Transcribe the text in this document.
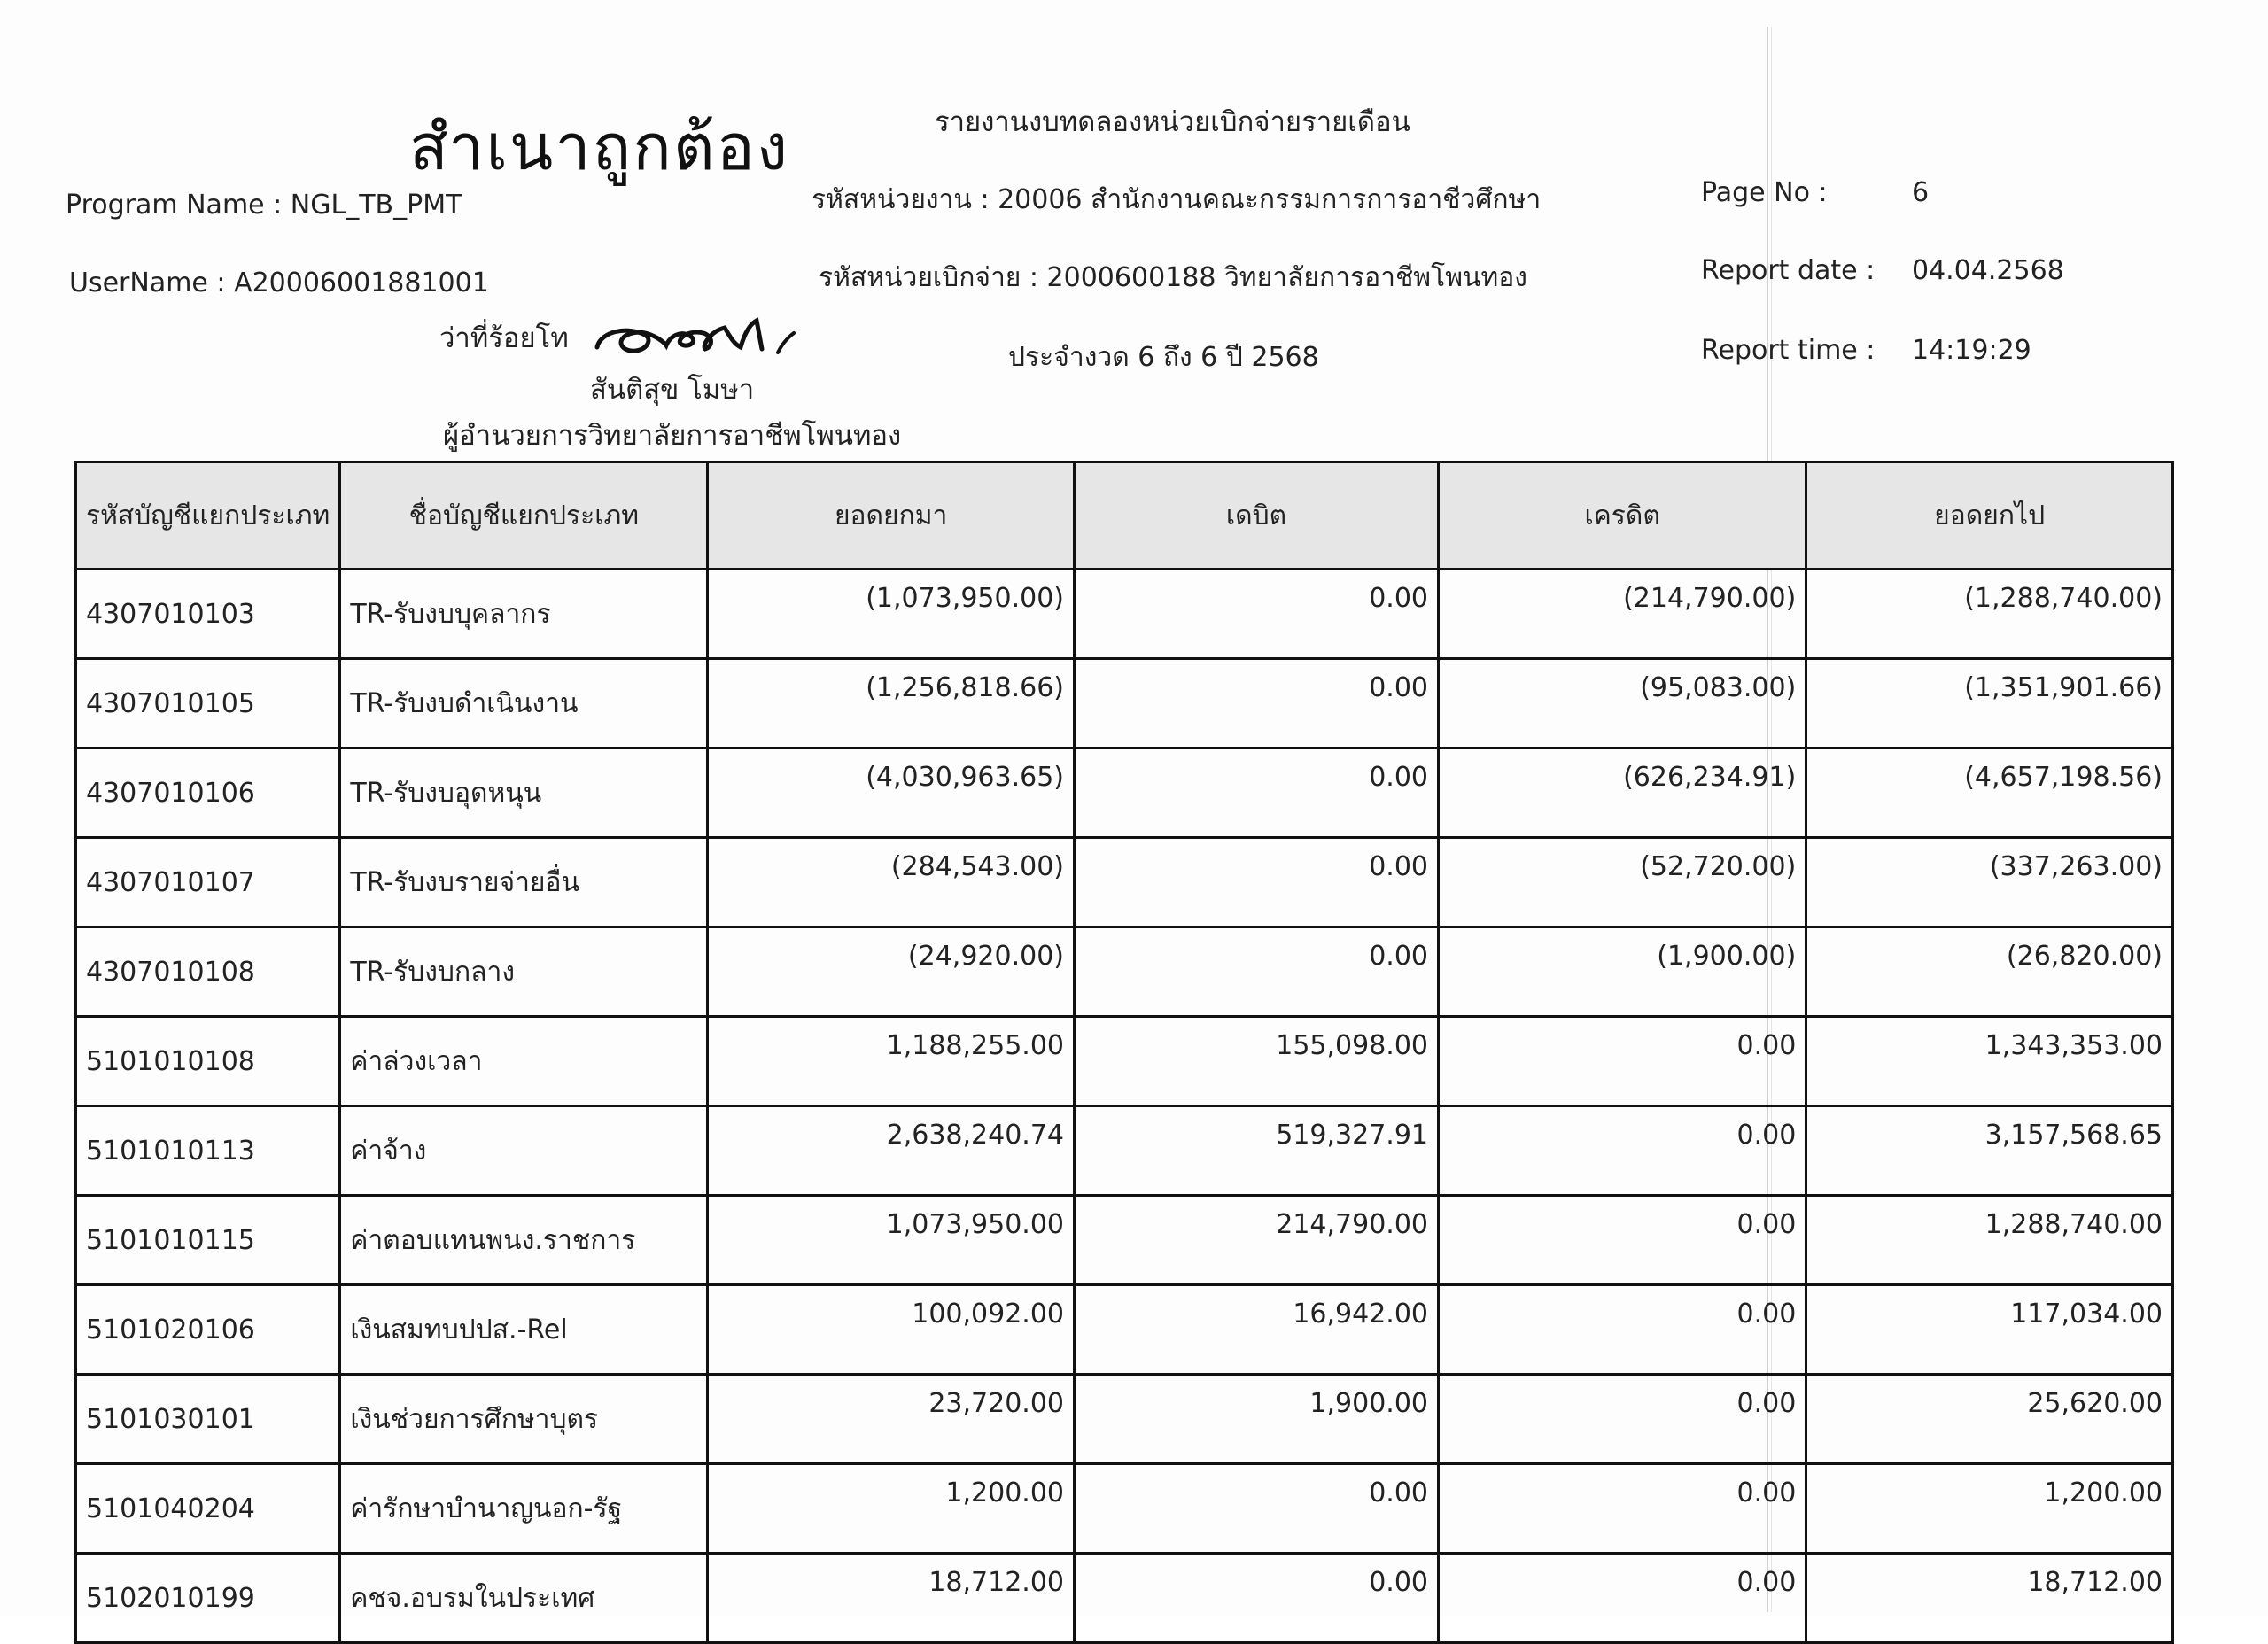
สำเนาถูกต้อง	รายงานงบทดลองหน่วยเบิกจ่ายรายเดือน
Program Name : NGL_TB_PMT
UserName : A20006001881001
รหัสหน่วยงาน : 20006 สำนักงานคณะกรรมการการอาชีวศึกษา
รหัสหน่วยเบิกจ่าย : 2000600188 วิทยาลัยการอาชีพโพนทอง
ประจำงวด 6 ถึง 6 ปี 2568
Page No :	6
Report date : 04.04.2568
Report time : 14:19:29
ว่าที่ร้อยโท
สันติสุข โมษา
ผู้อำนวยการวิทยาลัยการอาชีพโพนทอง
รหัสบัญชีแยกประเภท	ชื่อบัญชีแยกประเภท	ยอดยกมา	เดบิต	เครดิต	ยอดยกไป
4307010103	TR-รับงบบุคลากร	(1,073,950.00)	0.00	(214,790.00)	(1,288,740.00)
4307010105	TR-รับงบดำเนินงาน	(1,256,818.66)	0.00	(95,083.00)	(1,351,901.66)
4307010106	TR-รับงบอุดหนุน	(4,030,963.65)	0.00	(626,234.91)	(4,657,198.56)
4307010107	TR-รับงบรายจ่ายอื่น	(284,543.00)	0.00	(52,720.00)	(337,263.00)
4307010108	TR-รับงบกลาง	(24,920.00)	0.00	(1,900.00)	(26,820.00)
5101010108	ค่าล่วงเวลา	1,188,255.00	155,098.00	0.00	1,343,353.00
5101010113	ค่าจ้าง	2,638,240.74	519,327.91	0.00	3,157,568.65
5101010115	ค่าตอบแทนพนง.ราชการ	1,073,950.00	214,790.00	0.00	1,288,740.00
5101020106	เงินสมทบปปส.-Rel	100,092.00	16,942.00	0.00	117,034.00
5101030101	เงินช่วยการศึกษาบุตร	23,720.00	1,900.00	0.00	25,620.00
5101040204	ค่ารักษาบำนาญนอก-รัฐ	1,200.00	0.00	0.00	1,200.00
5102010199	คชจ.อบรมในประเทศ	18,712.00	0.00	0.00	18,712.00
